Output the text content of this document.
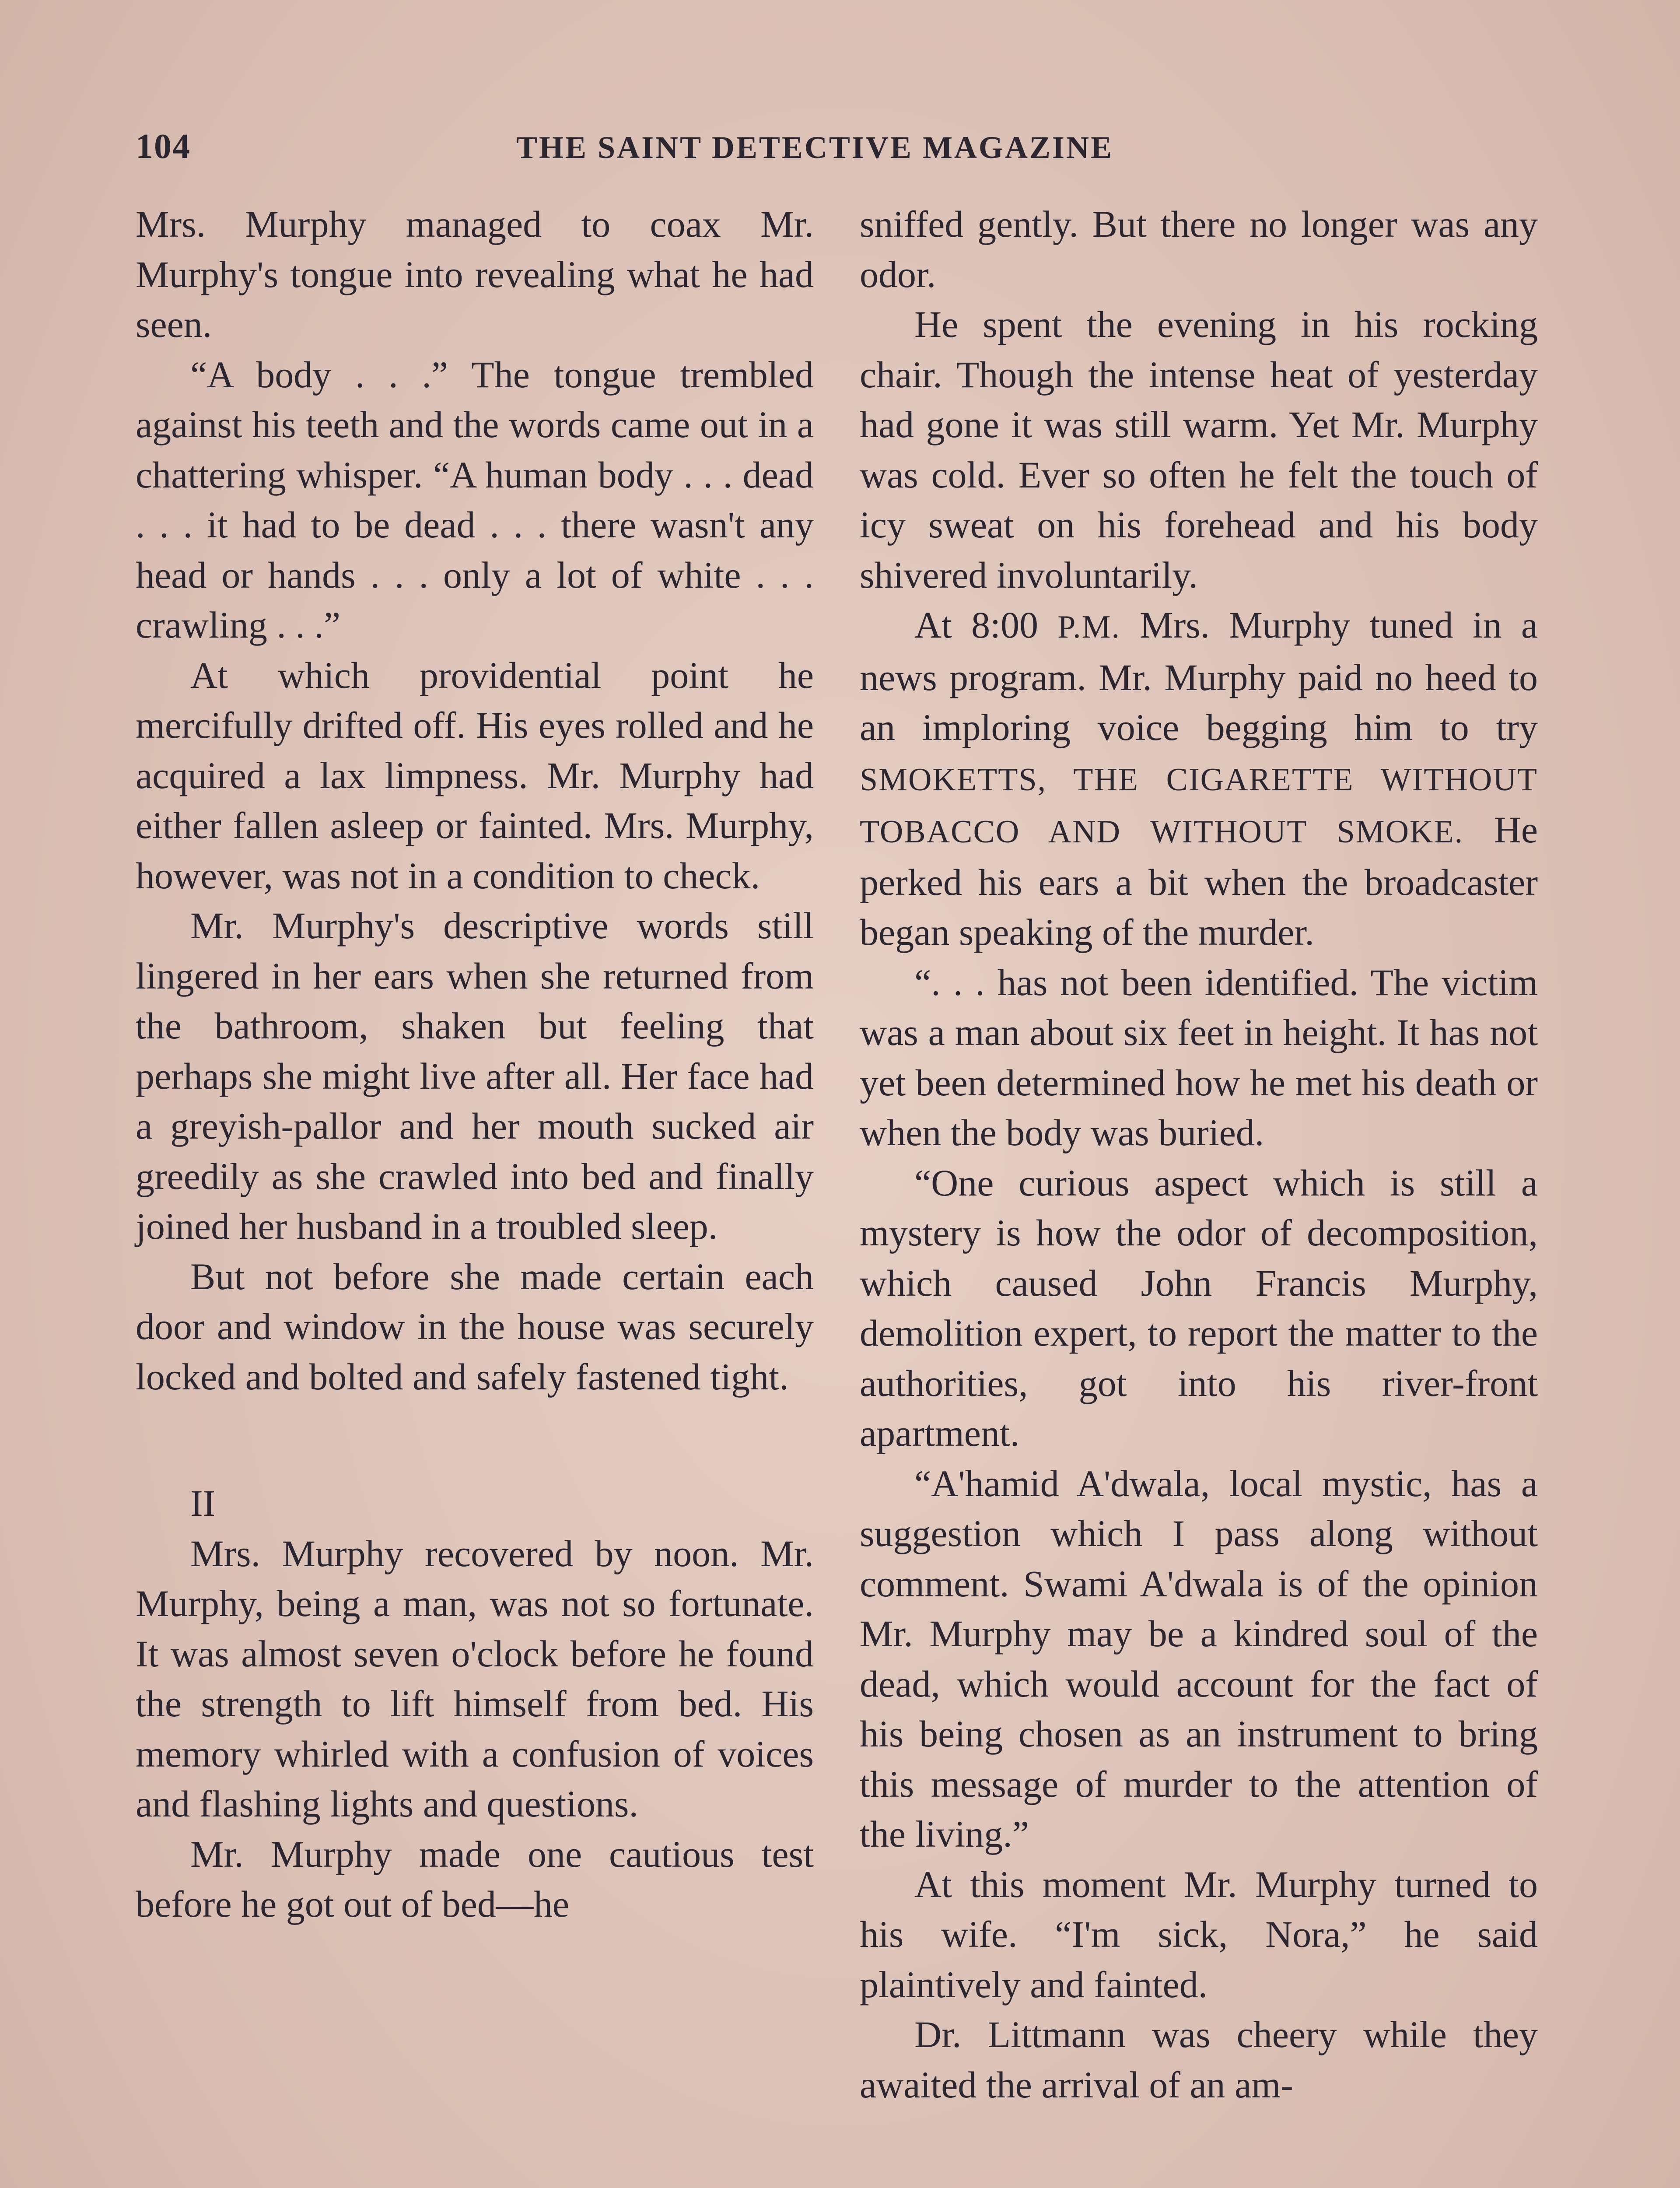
104	THE SAINT DETECTIVE MAGAZINE

Mrs. Murphy managed to coax Mr. Murphy's tongue into revealing what he had seen.

“A body . . .” The tongue trembled against his teeth and the words came out in a chattering whisper. “A human body . . . dead . . . it had to be dead . . . there wasn't any head or hands . . . only a lot of white . . . crawling . . .”

At which providential point he mercifully drifted off. His eyes rolled and he acquired a lax limpness. Mr. Murphy had either fallen asleep or fainted. Mrs. Murphy, however, was not in a condition to check.

Mr. Murphy's descriptive words still lingered in her ears when she returned from the bathroom, shaken but feeling that perhaps she might live after all. Her face had a greyish-pallor and her mouth sucked air greedily as she crawled into bed and finally joined her husband in a troubled sleep.

But not before she made certain each door and window in the house was securely locked and bolted and safely fastened tight.

II

Mrs. Murphy recovered by noon. Mr. Murphy, being a man, was not so fortunate. It was almost seven o'clock before he found the strength to lift himself from bed. His memory whirled with a confusion of voices and flashing lights and questions.

Mr. Murphy made one cautious test before he got out of bed—he

sniffed gently. But there no longer was any odor.

He spent the evening in his rocking chair. Though the intense heat of yesterday had gone it was still warm. Yet Mr. Murphy was cold. Ever so often he felt the touch of icy sweat on his forehead and his body shivered involuntarily.

At 8:00 P.M. Mrs. Murphy tuned in a news program. Mr. Murphy paid no heed to an imploring voice begging him to try SMOKETTS, THE CIGARETTE WITHOUT TOBACCO AND WITHOUT SMOKE. He perked his ears a bit when the broadcaster began speaking of the murder.

“. . . has not been identified. The victim was a man about six feet in height. It has not yet been determined how he met his death or when the body was buried.

“One curious aspect which is still a mystery is how the odor of decomposition, which caused John Francis Murphy, demolition expert, to report the matter to the authorities, got into his river-front apartment.

“A'hamid A'dwala, local mystic, has a suggestion which I pass along without comment. Swami A'dwala is of the opinion Mr. Murphy may be a kindred soul of the dead, which would account for the fact of his being chosen as an instrument to bring this message of murder to the attention of the living.”

At this moment Mr. Murphy turned to his wife. “I'm sick, Nora,” he said plaintively and fainted.

Dr. Littmann was cheery while they awaited the arrival of an am-
